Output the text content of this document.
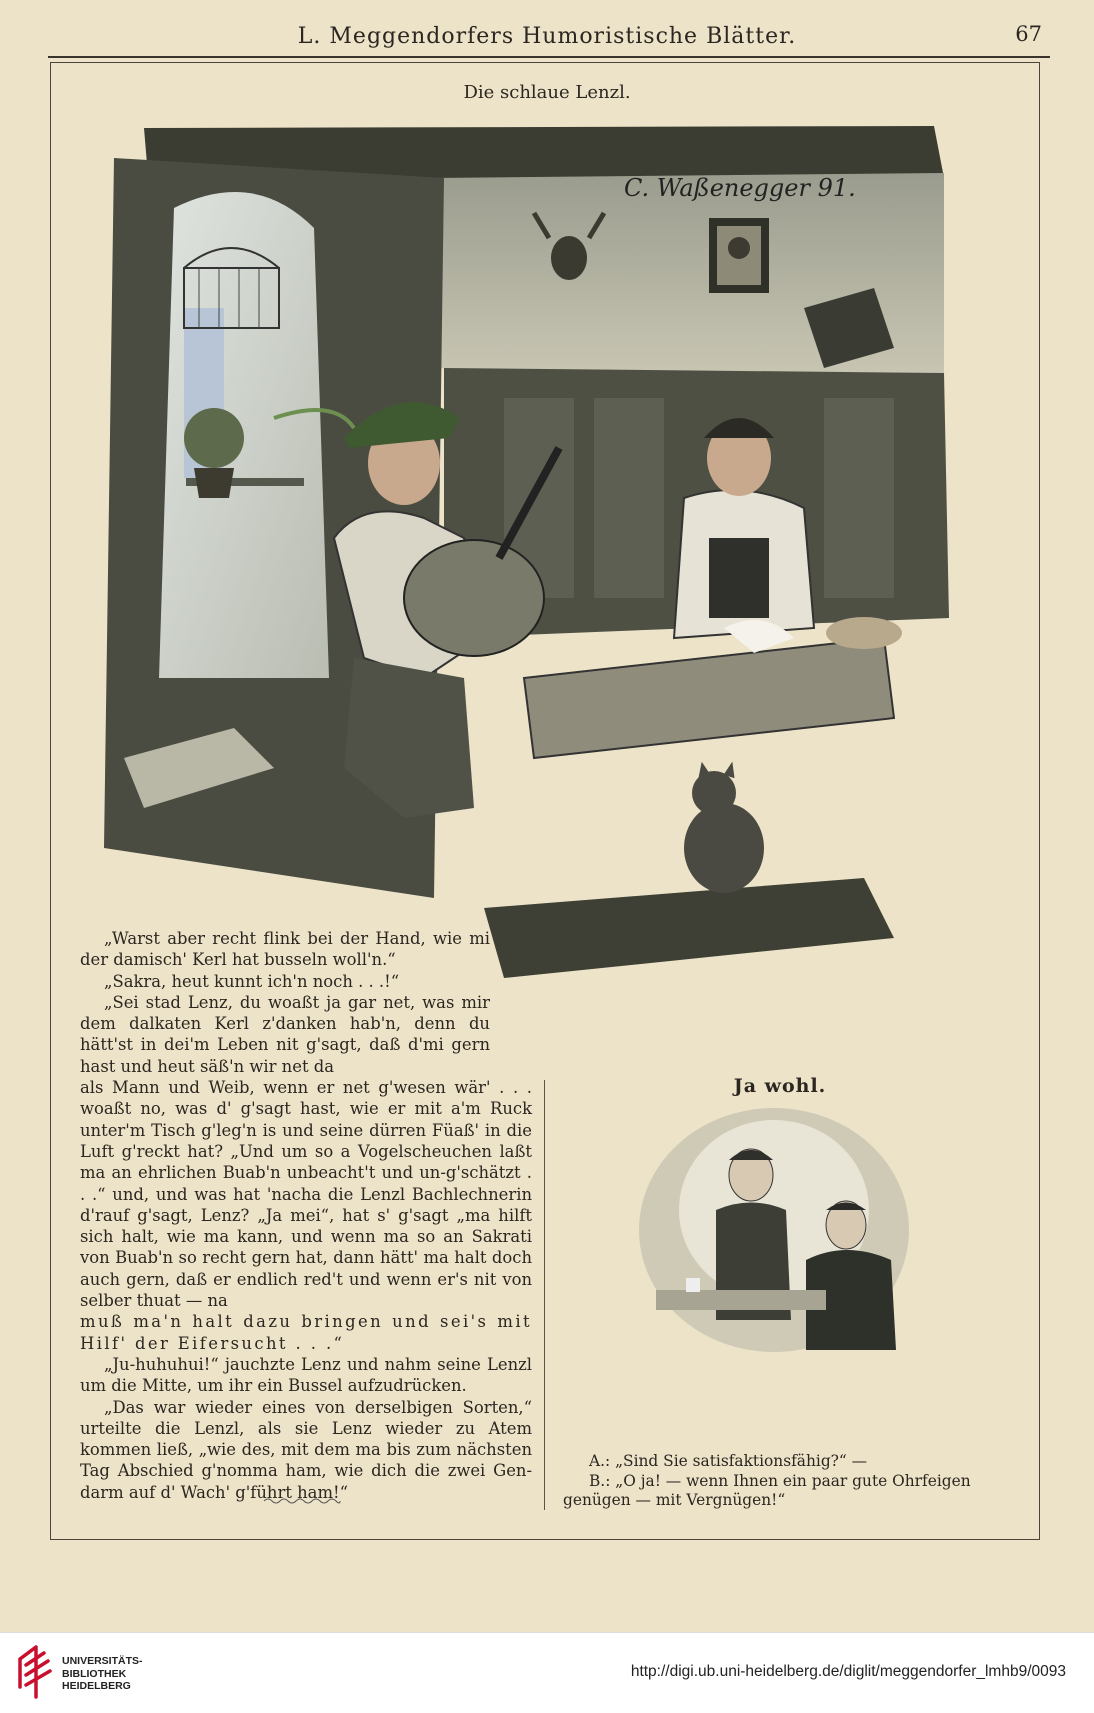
L. Meggendorfers Humoristische Blätter.	67
Die schlaue Lenzl.
C. Waßenegger 91.

„Warst aber recht flink bei der Hand, wie mi der damisch' Kerl hat busseln woll'n.“

„Sakra, heut kunnt ich'n noch . . .!“

„Sei stad Lenz, du woaßt ja gar net, was mir dem dalkaten Kerl z'danken hab'n, denn du hätt'st in dei'm Leben nit g'sagt, daß d'mi gern hast und heut säß'n wir net da

als Mann und Weib, wenn er net g'wesen wär' . . . woaßt no, was d' g'sagt hast, wie er mit a'm Ruck unter'm Tisch g'leg'n is und seine dürren Füaß' in die Luft g'reckt hat? „Und um so a Vogelscheuchen laßt ma an ehrlichen Buab'n unbeacht't und un-g'schätzt . . .“ und, und was hat 'nacha die Lenzl Bachlechnerin d'rauf g'sagt, Lenz? „Ja mei“, hat s' g'sagt „ma hilft sich halt, wie ma kann, und wenn ma so an Sakrati von Buab'n so recht gern hat, dann hätt' ma halt doch auch gern, daß er endlich red't und wenn er's nit von selber thuat — na

muß ma'n halt dazu bringen und sei's mit Hilf' der Eifersucht . . .“

„Ju-huhuhui!“ jauchzte Lenz und nahm seine Lenzl um die Mitte, um ihr ein Bussel aufzudrücken.

„Das war wieder eines von derselbigen Sorten,“ urteilte die Lenzl, als sie Lenz wieder zu Atem kommen ließ, „wie des, mit dem ma bis zum nächsten Tag Abschied g'nomma ham, wie dich die zwei Gen-darm auf d' Wach' g'führt ham!“

Ja wohl.
A.: „Sind Sie satisfaktionsfähig?“ —
B.: „O ja! — wenn Ihnen ein paar gute Ohrfeigen
genügen — mit Vergnügen!“
UNIVERSITÄTS-
BIBLIOTHEK
HEIDELBERG
http://digi.ub.uni-heidelberg.de/diglit/meggendorfer_lmhb9/0093
